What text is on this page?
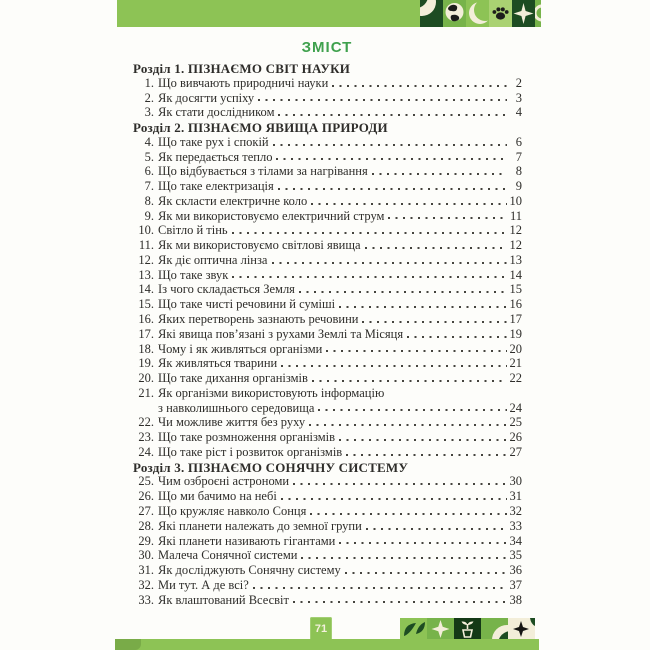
ЗМІСТ
Розділ 1. ПІЗНАЄМО СВІТ НАУКИ
1. Що вивчають природничі науки	2
2. Як досягти успіху	3
3. Як стати дослідником	4
Розділ 2. ПІЗНАЄМО ЯВИЩА ПРИРОДИ
4. Що таке рух і спокій	6
5. Як передається тепло	7
6. Що відбувається з тілами за нагрівання	8
7. Що таке електризація	9
8. Як скласти електричне коло	10
9. Як ми використовуємо електричний струм	11
10. Світло й тінь	12
11. Як ми використовуємо світлові явища	12
12. Як діє оптична лінза	13
13. Що таке звук	14
14. Із чого складається Земля	15
15. Що таке чисті речовини й суміші	16
16. Яких перетворень зазнають речовини	17
17. Які явища пов’язані з рухами Землі та Місяця	19
18. Чому і як живляться організми	20
19. Як живляться тварини	21
20. Що таке дихання організмів	22
21. Як організми використовують інформацію
з навколишнього середовища	24
22. Чи можливе життя без руху	25
23. Що таке розмноження організмів	26
24. Що таке ріст і розвиток організмів	27
Розділ 3. ПІЗНАЄМО СОНЯЧНУ СИСТЕМУ
25. Чим озброєні астрономи	30
26. Що ми бачимо на небі	31
27. Що кружляє навколо Сонця	32
28. Які планети належать до земної групи	33
29. Які планети називають гігантами	34
30. Малеча Сонячної системи	35
31. Як досліджують Сонячну систему	36
32. Ми тут. А де всі?	37
33. Як влаштований Всесвіт	38
71
